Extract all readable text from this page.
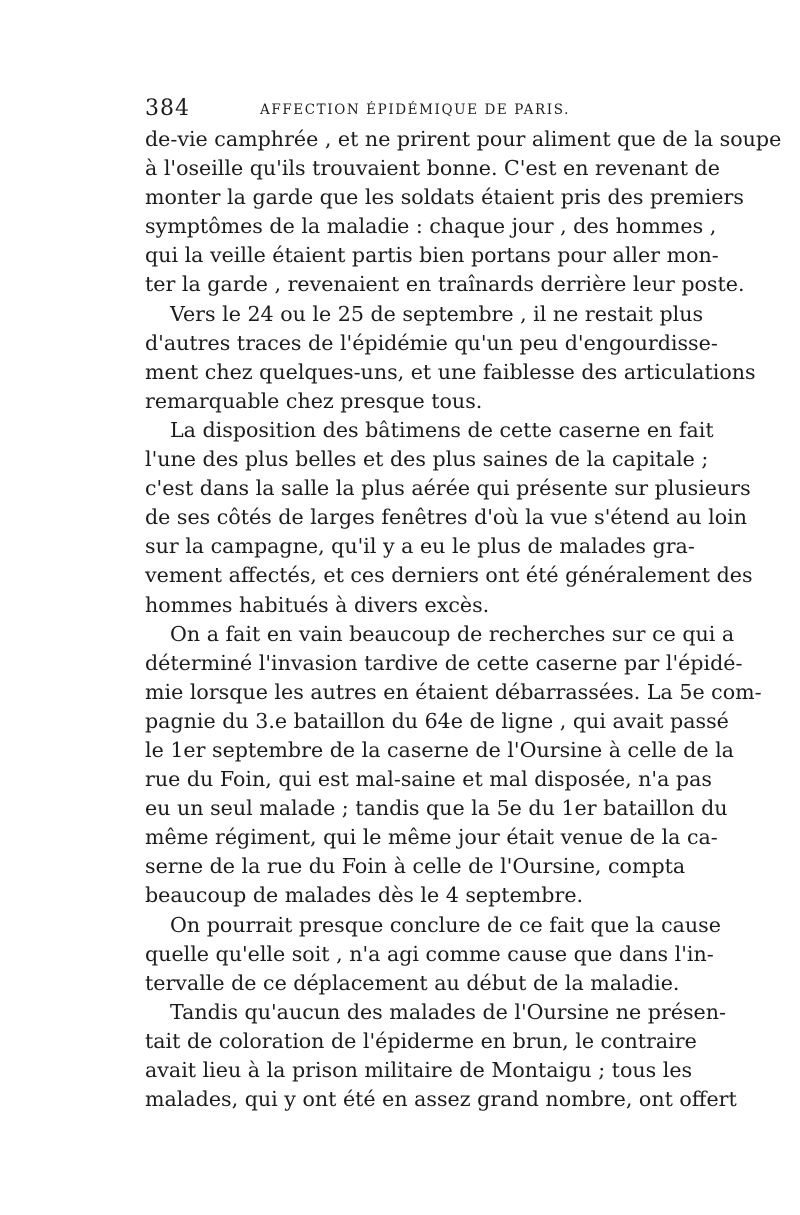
384	AFFECTION ÉPIDÉMIQUE DE PARIS.
de-vie camphrée , et ne prirent pour aliment que de la soupe
à l'oseille qu'ils trouvaient bonne. C'est en revenant de
monter la garde que les soldats étaient pris des premiers
symptômes de la maladie : chaque jour , des hommes ,
qui la veille étaient partis bien portans pour aller mon-
ter la garde , revenaient en traînards derrière leur poste.
Vers le 24 ou le 25 de septembre , il ne restait plus
d'autres traces de l'épidémie qu'un peu d'engourdisse-
ment chez quelques-uns, et une faiblesse des articulations
remarquable chez presque tous.
La disposition des bâtimens de cette caserne en fait
l'une des plus belles et des plus saines de la capitale ;
c'est dans la salle la plus aérée qui présente sur plusieurs
de ses côtés de larges fenêtres d'où la vue s'étend au loin
sur la campagne, qu'il y a eu le plus de malades gra-
vement affectés, et ces derniers ont été généralement des
hommes habitués à divers excès.
On a fait en vain beaucoup de recherches sur ce qui a
déterminé l'invasion tardive de cette caserne par l'épidé-
mie lorsque les autres en étaient débarrassées. La 5e com-
pagnie du 3.e bataillon du 64e de ligne , qui avait passé
le 1er septembre de la caserne de l'Oursine à celle de la
rue du Foin, qui est mal-saine et mal disposée, n'a pas
eu un seul malade ; tandis que la 5e du 1er bataillon du
même régiment, qui le même jour était venue de la ca-
serne de la rue du Foin à celle de l'Oursine, compta
beaucoup de malades dès le 4 septembre.
On pourrait presque conclure de ce fait que la cause
quelle qu'elle soit , n'a agi comme cause que dans l'in-
tervalle de ce déplacement au début de la maladie.
Tandis qu'aucun des malades de l'Oursine ne présen-
tait de coloration de l'épiderme en brun, le contraire
avait lieu à la prison militaire de Montaigu ; tous les
malades, qui y ont été en assez grand nombre, ont offert
